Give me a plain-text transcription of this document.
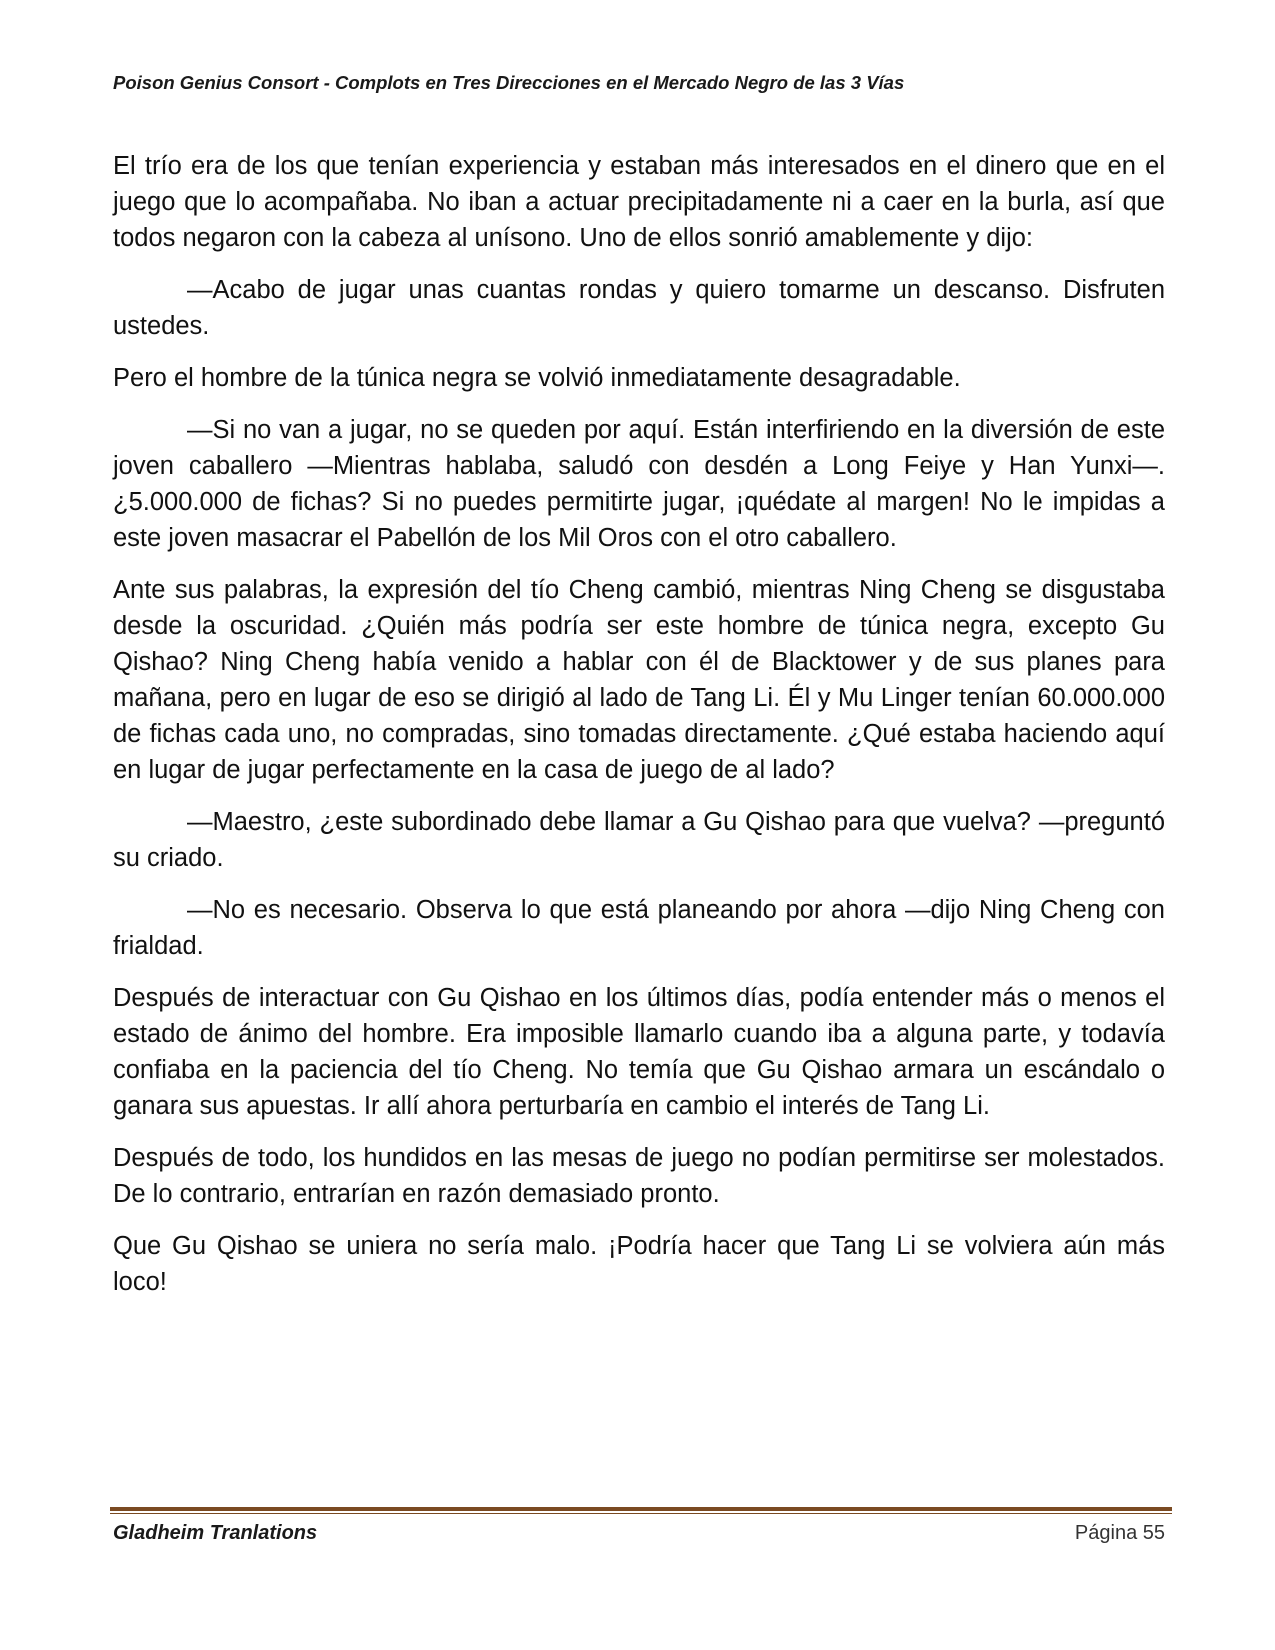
Poison Genius Consort - Complots en Tres Direcciones en el Mercado Negro de las 3 Vías

El trío era de los que tenían experiencia y estaban más interesados en el dinero que en el juego que lo acompañaba. No iban a actuar precipitadamente ni a caer en la burla, así que todos negaron con la cabeza al unísono. Uno de ellos sonrió amablemente y dijo:

—Acabo de jugar unas cuantas rondas y quiero tomarme un descanso. Disfruten ustedes.

Pero el hombre de la túnica negra se volvió inmediatamente desagradable.

—Si no van a jugar, no se queden por aquí. Están interfiriendo en la diversión de este joven caballero —Mientras hablaba, saludó con desdén a Long Feiye y Han Yunxi—. ¿5.000.000 de fichas? Si no puedes permitirte jugar, ¡quédate al margen! No le impidas a este joven masacrar el Pabellón de los Mil Oros con el otro caballero.

Ante sus palabras, la expresión del tío Cheng cambió, mientras Ning Cheng se disgustaba desde la oscuridad. ¿Quién más podría ser este hombre de túnica negra, excepto Gu Qishao? Ning Cheng había venido a hablar con él de Blacktower y de sus planes para mañana, pero en lugar de eso se dirigió al lado de Tang Li. Él y Mu Linger tenían 60.000.000 de fichas cada uno, no compradas, sino tomadas directamente. ¿Qué estaba haciendo aquí en lugar de jugar perfectamente en la casa de juego de al lado?

—Maestro, ¿este subordinado debe llamar a Gu Qishao para que vuelva? —preguntó su criado.

—No es necesario. Observa lo que está planeando por ahora —dijo Ning Cheng con frialdad.

Después de interactuar con Gu Qishao en los últimos días, podía entender más o menos el estado de ánimo del hombre. Era imposible llamarlo cuando iba a alguna parte, y todavía confiaba en la paciencia del tío Cheng. No temía que Gu Qishao armara un escándalo o ganara sus apuestas. Ir allí ahora perturbaría en cambio el interés de Tang Li.

Después de todo, los hundidos en las mesas de juego no podían permitirse ser molestados. De lo contrario, entrarían en razón demasiado pronto.

Que Gu Qishao se uniera no sería malo. ¡Podría hacer que Tang Li se volviera aún más loco!

Gladheim Tranlations	Página 55
